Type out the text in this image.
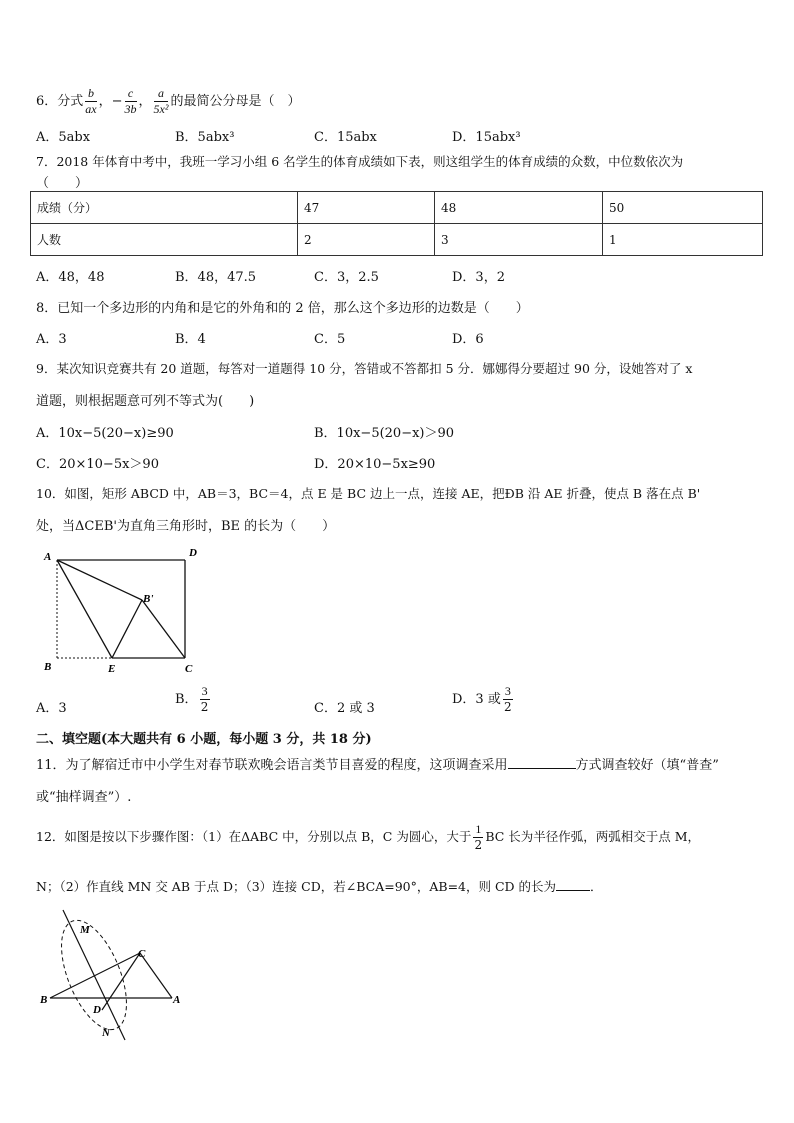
6．分式 $\frac{b}{ax}$ ，− $\frac{c}{3b}$ ， $\frac{a}{\text{5x²}}$ 的最简公分母是（　）
A．5abx	B．5abx³	C．15abx	D．15abx³
7．2018 年体育中考中，我班一学习小组 6 名学生的体育成绩如下表，则这组学生的体育成绩的众数，中位数依次为
（　　）
成绩（分）	47	48	50
人数	2	3	1
A．48，48	B．48，47.5	C．3，2.5	D．3，2
8．已知一个多边形的内角和是它的外角和的 2 倍，那么这个多边形的边数是（　　）
A．3	B．4	C．5	D．6
9．某次知识竞赛共有 20 道题，每答对一道题得 10 分，答错或不答都扣 5 分．娜娜得分要超过 90 分，设她答对了 x
道题，则根据题意可列不等式为(　　)
A．10x−5(20−x)≥90	B．10x−5(20−x)＞90
C．20×10−5x＞90	D．20×10−5x≥90
10．如图，矩形 ABCD 中，AB＝3，BC＝4，点 E 是 BC 边上一点，连接 AE，把ÐB 沿 AE 折叠，使点 B 落在点 B'
处，当ΔCEB'为直角三角形时，BE 的长为（　　）
A	D
B	E	C
B'
A．3
B． $\frac{3}{2}$	C．2 或 3
D．3 或 $\frac{3}{2}$
二、填空题(本大题共有 6 小题，每小题 3 分，共 18 分)
11．为了解宿迁市中小学生对春节联欢晚会语言类节目喜爱的程度，这项调查采用	方式调查较好（填“普查”
或“抽样调查”）.
12．如图是按以下步骤作图：（1）在ΔABC 中，分别以点 B，C 为圆心，大于 $\frac{1}{2}$ BC 长为半径作弧，两弧相交于点 M，
N；（2）作直线 MN 交 AB 于点 D；（3）连接 CD，若∠BCA=90°，AB=4，则 CD 的长为	．
M
C
B
D
A
N
